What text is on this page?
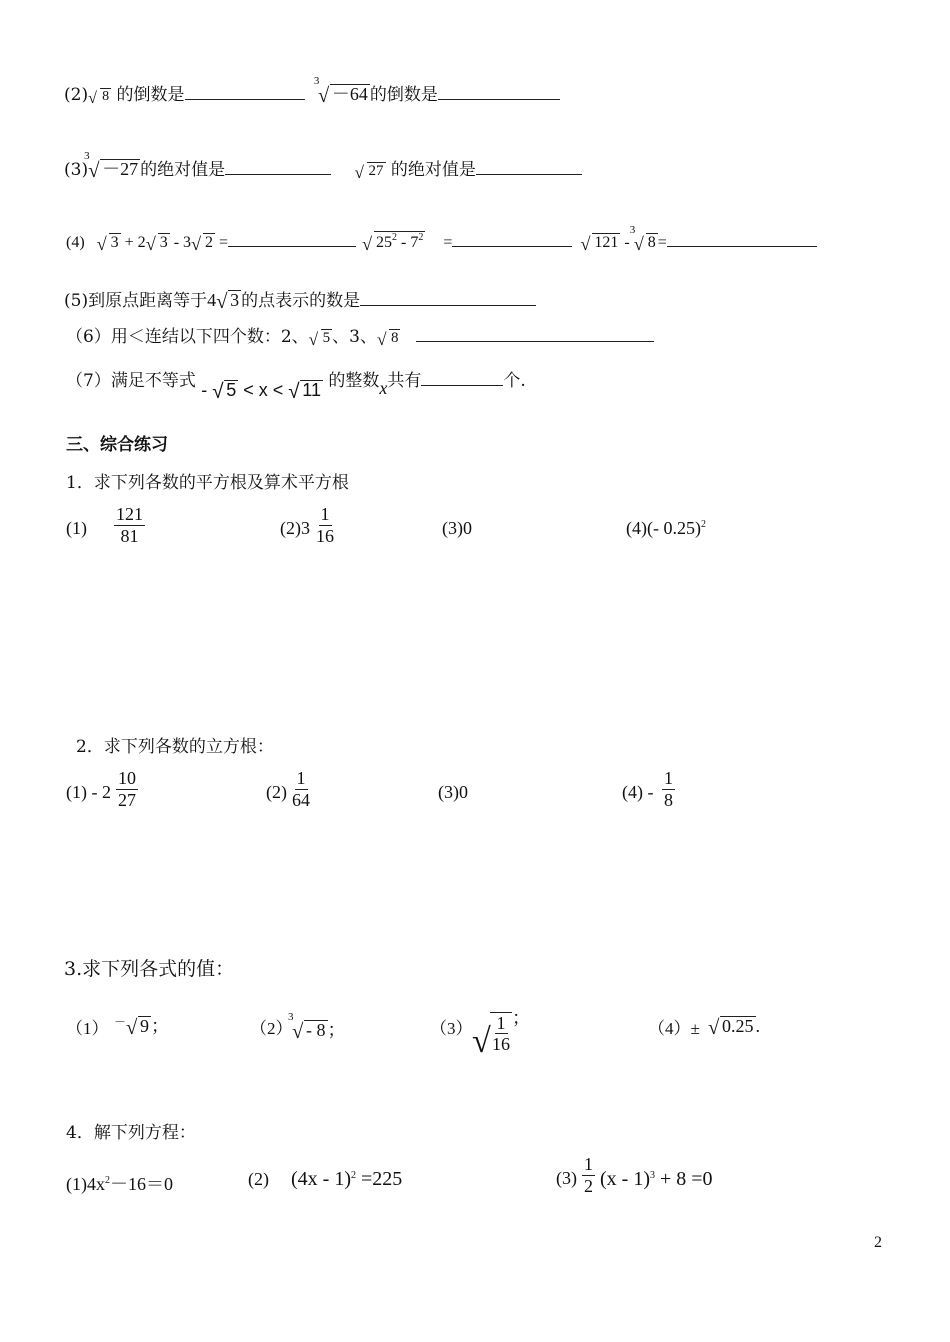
(2) √ 8 的倒数是
3
√ －64 的倒数是
(3)
3
√ －27 的绝对值是	√ 27 的绝对值是
(4) √ 3 + 2 √ 3 - 3 √ 2 =	√ $25^2 - 7^2$ =	√ 121 -
3
√ 8 =
(5)到原点距离等于4 √ 3 的点表示的数是
（6）用＜连结以下四个数：2、 √ 5 、3、 √ 8
（7）满足不等式 - √ 5 < x < √ 11 的整数x共有	个.
三、综合练习
1．求下列各数的平方根及算术平方根
$(1) \frac{121}{81}$	$(2)3 \frac{1}{16}$	(3)0	(4)(- 0.25)$^2$
2．求下列各数的立方根：
$(1) - 2 \frac{10}{27}$	$(2) \frac{1}{64}$	(3)0	$(4) - \frac{1}{8}$
3.求下列各式的值：
（1） － √ 9 ；	（2）
3
√ - 8 ；	（3） √ $\frac{1}{16}$ ；
（4）± √ 0.25 .
4．解下列方程：
$(1)4x^2-16=0$	(2) (4x - 1)$^2$ =225	$(3) \frac{1}{2} (x - 1)^3 + 8 =0$
2
